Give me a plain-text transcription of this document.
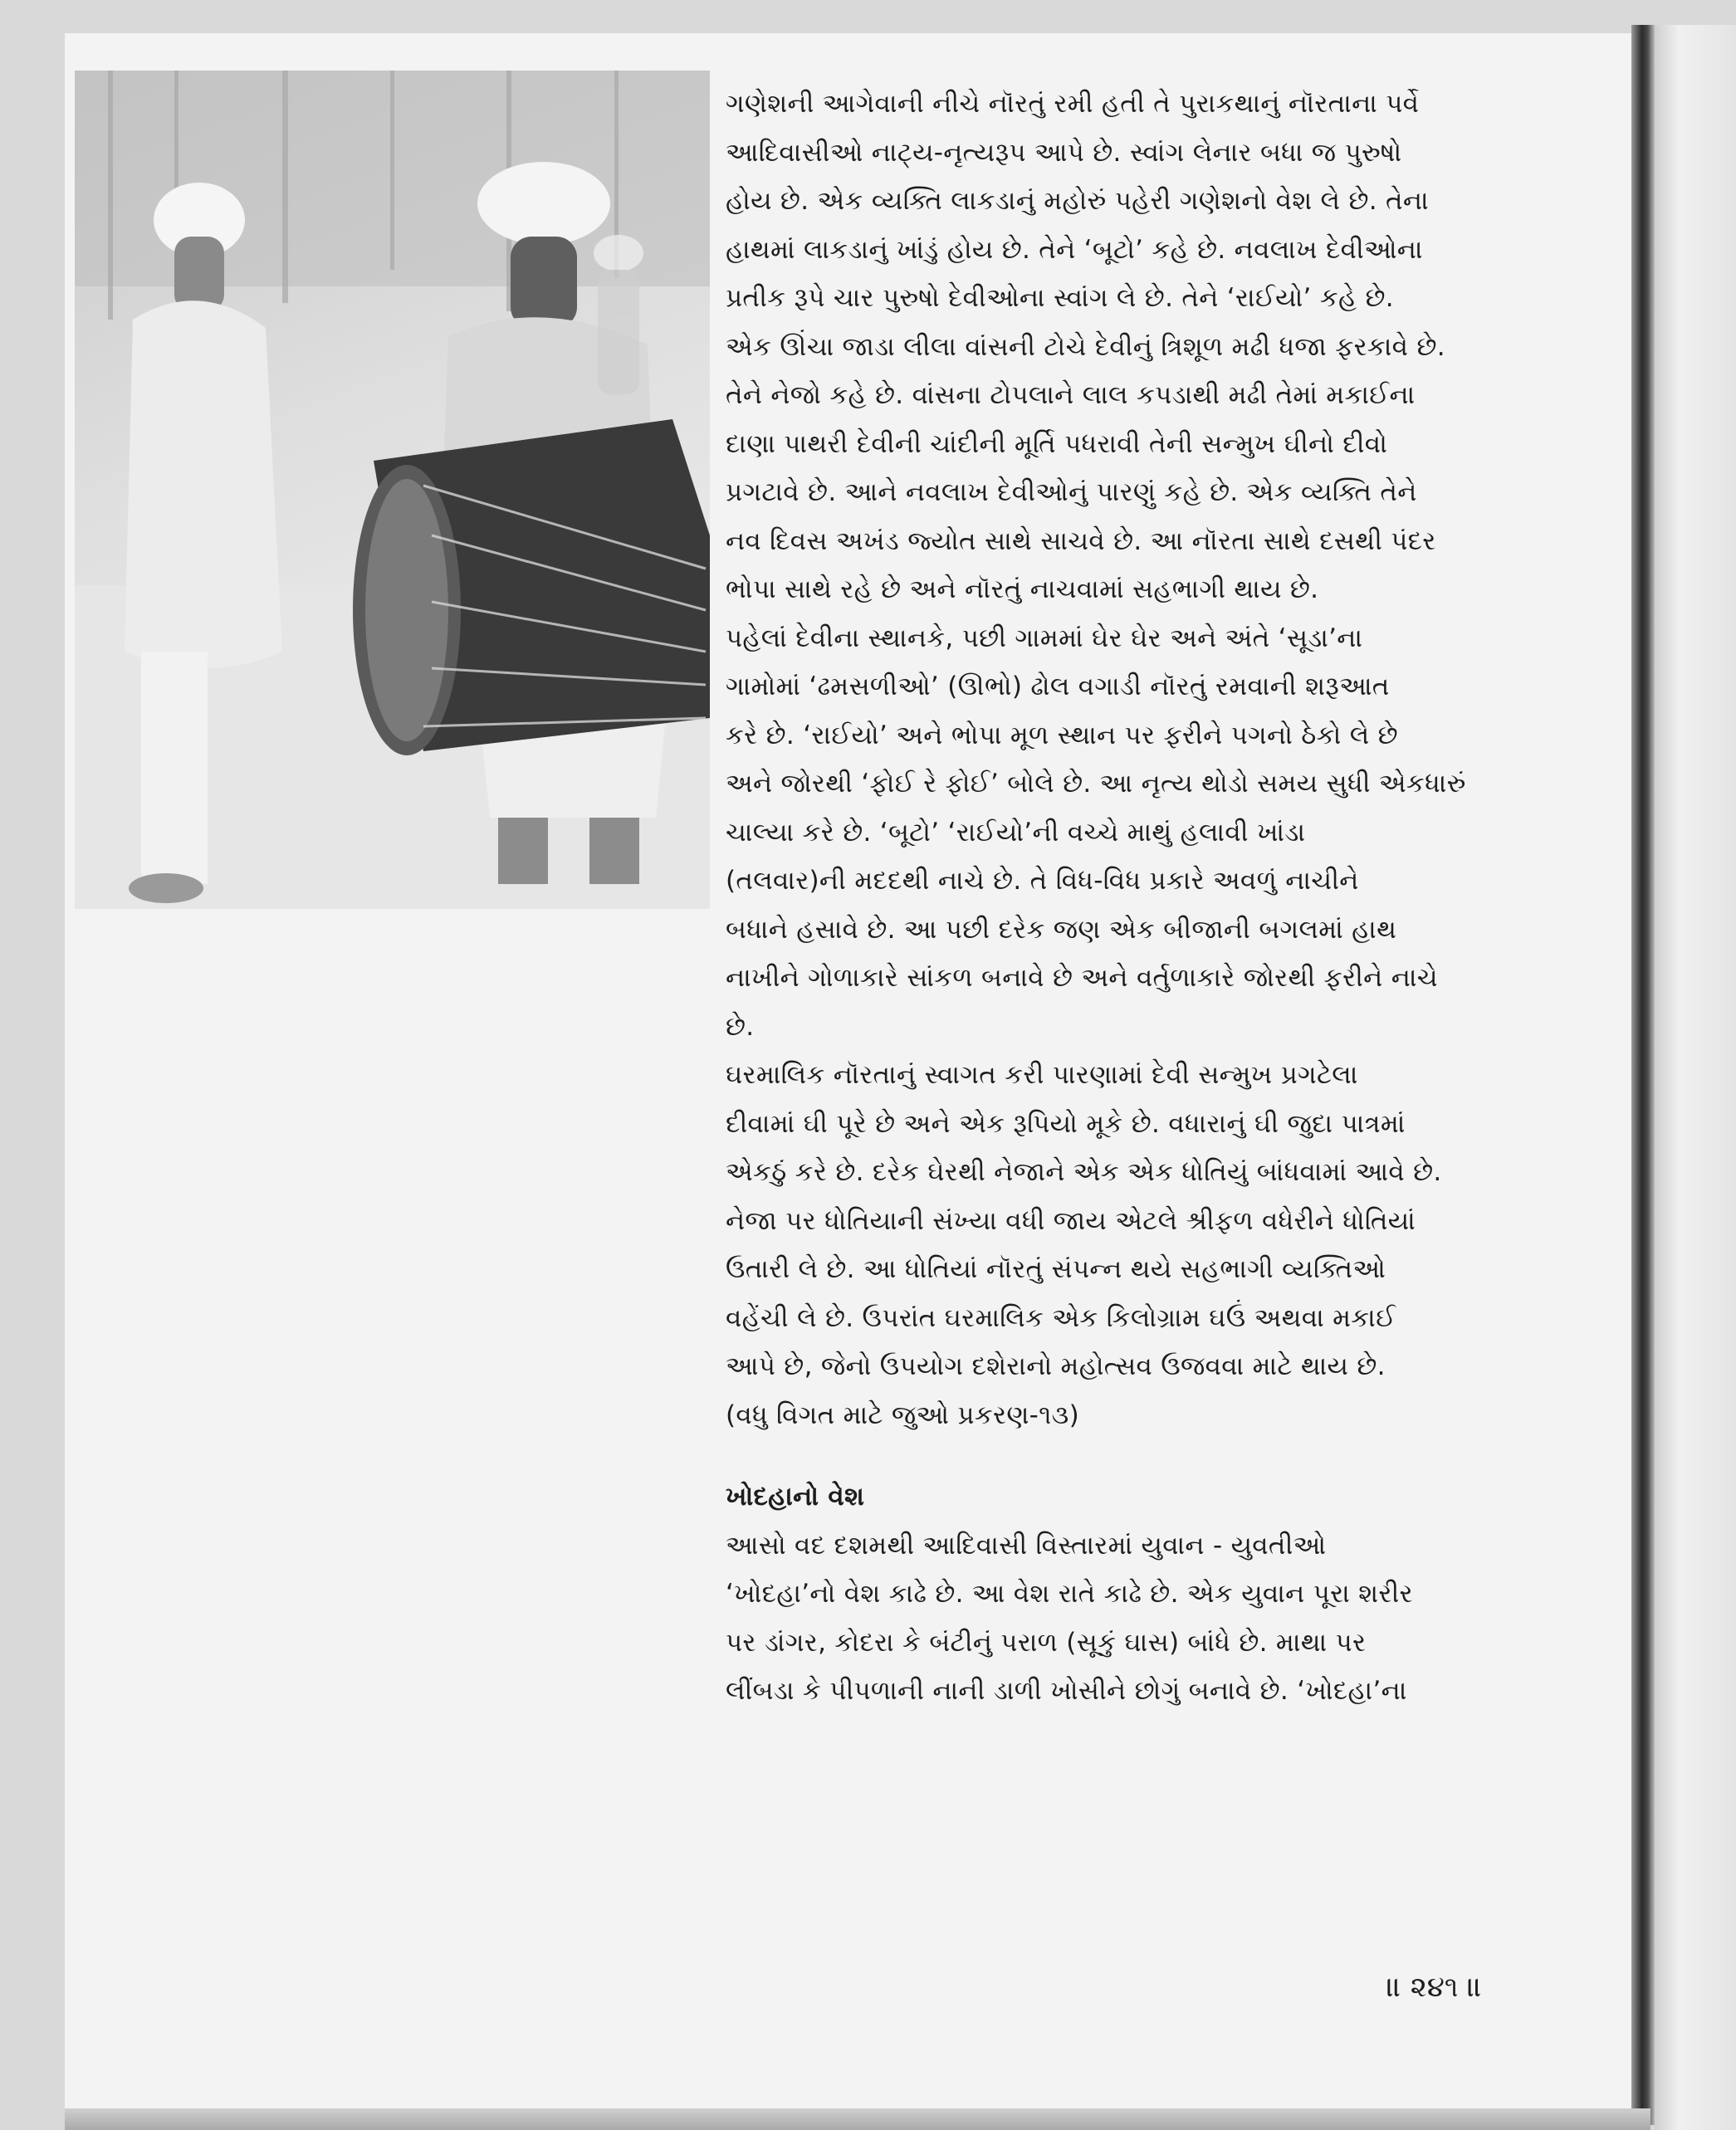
ગણેશની આગેવાની નીચે નૉરતું રમી હતી તે પુરાકથાનું નૉરતાના પર્વે
આદિવાસીઓ નાટ્ય-નૃત્યરૂપ આપે છે. સ્વાંગ લેનાર બધા જ પુરુષો
હોય છે. એક વ્યક્તિ લાકડાનું મહોરું પહેરી ગણેશનો વેશ લે છે. તેના
હાથમાં લાકડાનું ખાંડું હોય છે. તેને ‘બૂટો’ કહે છે. નવલાખ દેવીઓના
પ્રતીક રૂપે ચાર પુરુષો દેવીઓના સ્વાંગ લે છે. તેને ‘રાઈયો’ કહે છે.
એક ઊંચા જાડા લીલા વાંસની ટોચે દેવીનું ત્રિશૂળ મઢી ધજા ફરકાવે છે.
તેને નેજો કહે છે. વાંસના ટોપલાને લાલ કપડાથી મઢી તેમાં મકાઈના
દાણા પાથરી દેવીની ચાંદીની મૂર્તિ પધરાવી તેની સન્મુખ ઘીનો દીવો
પ્રગટાવે છે. આને નવલાખ દેવીઓનું પારણું કહે છે. એક વ્યક્તિ તેને
નવ દિવસ અખંડ જ્યોત સાથે સાચવે છે. આ નૉરતા સાથે દસથી પંદર
ભોપા સાથે રહે છે અને નૉરતું નાચવામાં સહભાગી થાય છે.
પહેલાં દેવીના સ્થાનકે, પછી ગામમાં ઘેર ઘેર અને અંતે ‘સૂડા’ના
ગામોમાં ‘ઢમસળીઓ’ (ઊભો) ઢોલ વગાડી નૉરતું રમવાની શરૂઆત
કરે છે. ‘રાઈયો’ અને ભોપા મૂળ સ્થાન પર ફરીને પગનો ઠેકો લે છે
અને જોરથી ‘ફોઈ રે ફોઈ’ બોલે છે. આ નૃત્ય થોડો સમય સુધી એકધારું
ચાલ્યા કરે છે. ‘બૂટો’ ‘રાઈયો’ની વચ્ચે માથું હલાવી ખાંડા
(તલવાર)ની મદદથી નાચે છે. તે વિધ-વિધ પ્રકારે અવળું નાચીને
બધાને હસાવે છે. આ પછી દરેક જણ એક બીજાની બગલમાં હાથ
નાખીને ગોળાકારે સાંકળ બનાવે છે અને વર્તુળાકારે જોરથી ફરીને નાચે
છે.
ઘરમાલિક નૉરતાનું સ્વાગત કરી પારણામાં દેવી સન્મુખ પ્રગટેલા
દીવામાં ઘી પૂરે છે અને એક રૂપિયો મૂકે છે. વધારાનું ઘી જુદા પાત્રમાં
એકઠું કરે છે. દરેક ઘેરથી નેજાને એક એક ધોતિયું બાંધવામાં આવે છે.
નેજા પર ધોતિયાની સંખ્યા વધી જાય એટલે શ્રીફળ વધેરીને ધોતિયાં
ઉતારી લે છે. આ ધોતિયાં નૉરતું સંપન્ન થયે સહભાગી વ્યક્તિઓ
વહેંચી લે છે. ઉપરાંત ઘરમાલિક એક કિલોગ્રામ ઘઉં અથવા મકાઈ
આપે છે, જેનો ઉપયોગ દશેરાનો મહોત્સવ ઉજવવા માટે થાય છે.
(વધુ વિગત માટે જુઓ પ્રકરણ-૧૩)
ખોદહાનો વેશ
આસો વદ દશમથી આદિવાસી વિસ્તારમાં યુવાન - યુવતીઓ
‘ખોદહા’નો વેશ કાઢે છે. આ વેશ રાતે કાઢે છે. એક યુવાન પૂરા શરીર
પર ડાંગર, કોદરા કે બંટીનું પરાળ (સૂકું ઘાસ) બાંધે છે. માથા પર
લીંબડા કે પીપળાની નાની ડાળી ખોસીને છોગું બનાવે છે. ‘ખોદહા’ના
॥ ૨૪૧ ॥
